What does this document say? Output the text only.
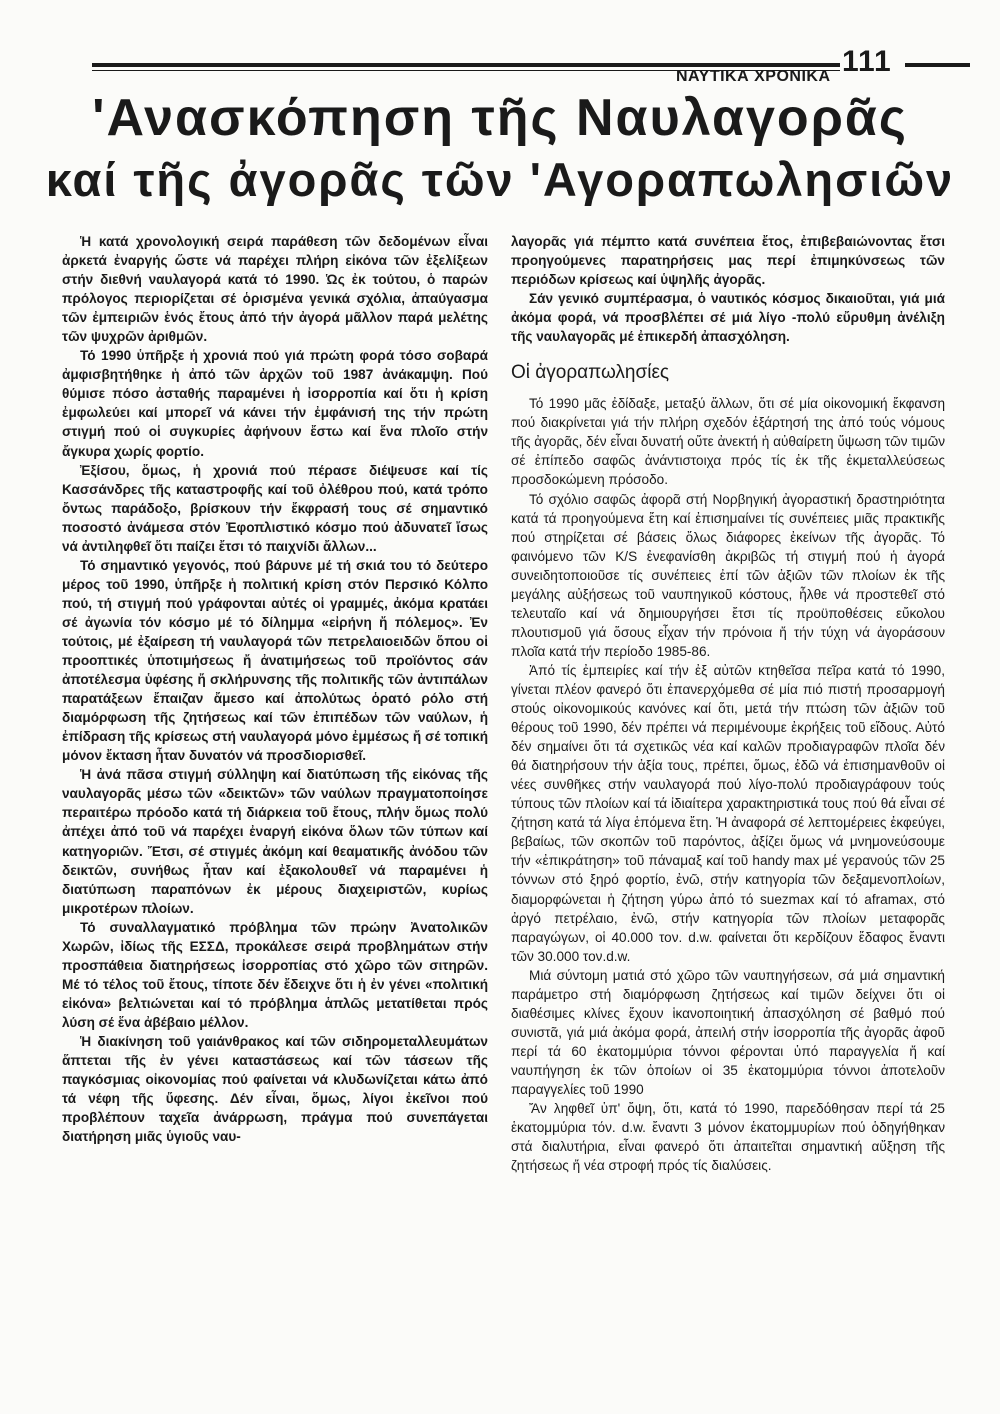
ΝΑΥΤΙΚΑ ΧΡΟΝΙΚΑ 111
'Ανασκόπηση τῆς Ναυλαγορᾶς
καί τῆς ἀγορᾶς τῶν 'Αγοραπωλησιῶν

Ἡ κατά χρονολογική σειρά παράθεση τῶν δεδομένων εἶναι ἀρκετά ἐναργής ὥστε νά παρέχει πλήρη εἰκόνα τῶν ἐξελίξεων στήν διεθνή ναυλαγορά κατά τό 1990. Ὡς ἐκ τούτου, ὁ παρών πρόλογος περιορίζεται σέ ὁρισμένα γενικά σχόλια, ἀπαύγασμα τῶν ἐμπειριῶν ἑνός ἔτους ἀπό τήν ἀγορά μᾶλλον παρά μελέτης τῶν ψυχρῶν ἀριθμῶν.

Τό 1990 ὑπῆρξε ἡ χρονιά πού γιά πρώτη φορά τόσο σοβαρά ἀμφισβητήθηκε ἡ ἀπό τῶν ἀρχῶν τοῦ 1987 ἀνάκαμψη. Πού θύμισε πόσο ἀσταθής παραμένει ἡ ἰσορροπία καί ὅτι ἡ κρίση ἐμφωλεύει καί μπορεῖ νά κάνει τήν ἐμφάνισή της τήν πρώτη στιγμή πού οἱ συγκυρίες ἀφήνουν ἔστω καί ἕνα πλοῖο στήν ἄγκυρα χωρίς φορτίο.

Ἐξίσου, ὅμως, ἡ χρονιά πού πέρασε διέψευσε καί τίς Κασσάνδρες τῆς καταστροφῆς καί τοῦ ὀλέθρου πού, κατά τρόπο ὄντως παράδοξο, βρίσκουν τήν ἔκφρασή τους σέ σημαντικό ποσοστό ἀνάμεσα στόν Ἐφοπλιστικό κόσμο πού ἀδυνατεῖ ἴσως νά ἀντιληφθεῖ ὅτι παίζει ἔτσι τό παιχνίδι ἄλλων...

Τό σημαντικό γεγονός, πού βάρυνε μέ τή σκιά του τό δεύτερο μέρος τοῦ 1990, ὑπῆρξε ἡ πολιτική κρίση στόν Περσικό Κόλπο πού, τή στιγμή πού γράφονται αὐτές οἱ γραμμές, ἀκόμα κρατάει σέ ἀγωνία τόν κόσμο μέ τό δίλημμα «εἰρήνη ἤ πόλεμος». Ἐν τούτοις, μέ ἐξαίρεση τή ναυλαγορά τῶν πετρελαιοειδῶν ὅπου οἱ προοπτικές ὑποτιμήσεως ἤ ἀνατιμήσεως τοῦ προϊόντος σάν ἀποτέλεσμα ὑφέσης ἤ σκλήρυνσης τῆς πολιτικῆς τῶν ἀντιπάλων παρατάξεων ἔπαιζαν ἄμεσο καί ἀπολύτως ὁρατό ρόλο στή διαμόρφωση τῆς ζητήσεως καί τῶν ἐπιπέδων τῶν ναύλων, ἡ ἐπίδραση τῆς κρίσεως στή ναυλαγορά μόνο ἐμμέσως ἤ σέ τοπική μόνον ἔκταση ἦταν δυνατόν νά προσδιορισθεῖ.

Ἡ ἀνά πᾶσα στιγμή σύλληψη καί διατύπωση τῆς εἰκόνας τῆς ναυλαγορᾶς μέσω τῶν «δεικτῶν» τῶν ναύλων πραγματοποίησε περαιτέρω πρόοδο κατά τή διάρκεια τοῦ ἔτους, πλήν ὅμως πολύ ἀπέχει ἀπό τοῦ νά παρέχει ἐναργή εἰκόνα ὅλων τῶν τύπων καί κατηγοριῶν. Ἔτσι, σέ στιγμές ἀκόμη καί θεαματικῆς ἀνόδου τῶν δεικτῶν, συνήθως ἦταν καί ἐξακολουθεῖ νά παραμένει ἡ διατύπωση παραπόνων ἐκ μέρους διαχειριστῶν, κυρίως μικροτέρων πλοίων.

Τό συναλλαγματικό πρόβλημα τῶν πρώην Ἀνατολικῶν Χωρῶν, ἰδίως τῆς ΕΣΣΔ, προκάλεσε σειρά προβλημάτων στήν προσπάθεια διατηρήσεως ἰσορροπίας στό χῶρο τῶν σιτηρῶν. Μέ τό τέλος τοῦ ἔτους, τίποτε δέν ἔδειχνε ὅτι ἡ ἐν γένει «πολιτική εἰκόνα» βελτιώνεται καί τό πρόβλημα ἁπλῶς μετατίθεται πρός λύση σέ ἕνα ἀβέβαιο μέλλον.

Ἡ διακίνηση τοῦ γαιάνθρακος καί τῶν σιδηρομεταλλευμάτων ἅπτεται τῆς ἐν γένει καταστάσεως καί τῶν τάσεων τῆς παγκόσμιας οἰκονομίας πού φαίνεται νά κλυδωνίζεται κάτω ἀπό τά νέφη τῆς ὕφεσης. Δέν εἶναι, ὅμως, λίγοι ἐκεῖνοι πού προβλέπουν ταχεῖα ἀνάρρωση, πράγμα πού συνεπάγεται διατήρηση μιᾶς ὑγιοῦς ναυ-

λαγορᾶς γιά πέμπτο κατά συνέπεια ἔτος, ἐπιβεβαιώνοντας ἔτσι προηγούμενες παρατηρήσεις μας περί ἐπιμηκύνσεως τῶν περιόδων κρίσεως καί ὑψηλῆς ἀγορᾶς.

Σάν γενικό συμπέρασμα, ὁ ναυτικός κόσμος δικαιοῦται, γιά μιά ἀκόμα φορά, νά προσβλέπει σέ μιά λίγο -πολύ εὔρυθμη ἀνέλιξη τῆς ναυλαγορᾶς μέ ἐπικερδή ἀπασχόληση.

Οἱ ἀγοραπωλησίες

Τό 1990 μᾶς ἐδίδαξε, μεταξύ ἄλλων, ὅτι σέ μία οἰκονομική ἔκφανση πού διακρίνεται γιά τήν πλήρη σχεδόν ἐξάρτησή της ἀπό τούς νόμους τῆς ἀγορᾶς, δέν εἶναι δυνατή οὔτε ἀνεκτή ἡ αὐθαίρετη ὕψωση τῶν τιμῶν σέ ἐπίπεδο σαφῶς ἀνάντιστοιχα πρός τίς ἐκ τῆς ἐκμεταλλεύσεως προσδοκώμενη πρόσοδο.

Τό σχόλιο σαφῶς ἀφορᾶ στή Νορβηγική ἀγοραστική δραστηριότητα κατά τά προηγούμενα ἔτη καί ἐπισημαίνει τίς συνέπειες μιᾶς πρακτικῆς πού στηρίζεται σέ βάσεις ὅλως διάφορες ἐκείνων τῆς ἀγορᾶς. Τό φαινόμενο τῶν K/S ἐνεφανίσθη ἀκριβῶς τή στιγμή πού ἡ ἀγορά συνειδητοποιοῦσε τίς συνέπειες ἐπί τῶν ἀξιῶν τῶν πλοίων ἐκ τῆς μεγάλης αὐξήσεως τοῦ ναυπηγικοῦ κόστους, ἦλθε νά προστεθεῖ στό τελευταῖο καί νά δημιουργήσει ἔτσι τίς προϋποθέσεις εὔκολου πλουτισμοῦ γιά ὅσους εἶχαν τήν πρόνοια ἤ τήν τύχη νά ἀγοράσουν πλοῖα κατά τήν περίοδο 1985-86.

Ἀπό τίς ἐμπειρίες καί τήν ἐξ αὐτῶν κτηθεῖσα πεῖρα κατά τό 1990, γίνεται πλέον φανερό ὅτι ἐπανερχόμεθα σέ μία πιό πιστή προσαρμογή στούς οἰκονομικούς κανόνες καί ὅτι, μετά τήν πτώση τῶν ἀξιῶν τοῦ θέρους τοῦ 1990, δέν πρέπει νά περιμένουμε ἐκρήξεις τοῦ εἴδους. Αὐτό δέν σημαίνει ὅτι τά σχετικῶς νέα καί καλῶν προδιαγραφῶν πλοῖα δέν θά διατηρήσουν τήν ἀξία τους, πρέπει, ὅμως, ἐδῶ νά ἐπισημανθοῦν οἱ νέες συνθῆκες στήν ναυλαγορά πού λίγο-πολύ προδιαγράφουν τούς τύπους τῶν πλοίων καί τά ἰδιαίτερα χαρακτηριστικά τους πού θά εἶναι σέ ζήτηση κατά τά λίγα ἑπόμενα ἔτη. Ἡ ἀναφορά σέ λεπτομέρειες ἐκφεύγει, βεβαίως, τῶν σκοπῶν τοῦ παρόντος, ἀξίζει ὅμως νά μνημονεύσουμε τήν «ἐπικράτηση» τοῦ πάναμαξ καί τοῦ handy max μέ γερανούς τῶν 25 τόννων στό ξηρό φορτίο, ἐνῶ, στήν κατηγορία τῶν δεξαμενοπλοίων, διαμορφώνεται ἡ ζήτηση γύρω ἀπό τό suezmax καί τό aframax, στό ἀργό πετρέλαιο, ἐνῶ, στήν κατηγορία τῶν πλοίων μεταφορᾶς παραγώγων, οἱ 40.000 τον. d.w. φαίνεται ὅτι κερδίζουν ἔδαφος ἔναντι τῶν 30.000 τον.d.w.

Μιά σύντομη ματιά στό χῶρο τῶν ναυπηγήσεων, σά μιά σημαντική παράμετρο στή διαμόρφωση ζητήσεως καί τιμῶν δείχνει ὅτι οἱ διαθέσιμες κλίνες ἔχουν ἱκανοποιητική ἀπασχόληση σέ βαθμό πού συνιστᾶ, γιά μιά ἀκόμα φορά, ἀπειλή στήν ἰσορροπία τῆς ἀγορᾶς ἀφοῦ περί τά 60 ἑκατομμύρια τόννοι φέρονται ὑπό παραγγελία ἤ καί ναυπήγηση ἐκ τῶν ὁποίων οἱ 35 ἑκατομμύρια τόννοι ἀποτελοῦν παραγγελίες τοῦ 1990

Ἄν ληφθεῖ ὑπ' ὄψη, ὅτι, κατά τό 1990, παρεδόθησαν περί τά 25 ἑκατομμύρια τόν. d.w. ἔναντι 3 μόνον ἑκατομμυρίων πού ὁδηγήθηκαν στά διαλυτήρια, εἶναι φανερό ὅτι ἀπαιτεῖται σημαντική αὔξηση τῆς ζητήσεως ἤ νέα στροφή πρός τίς διαλύσεις.
